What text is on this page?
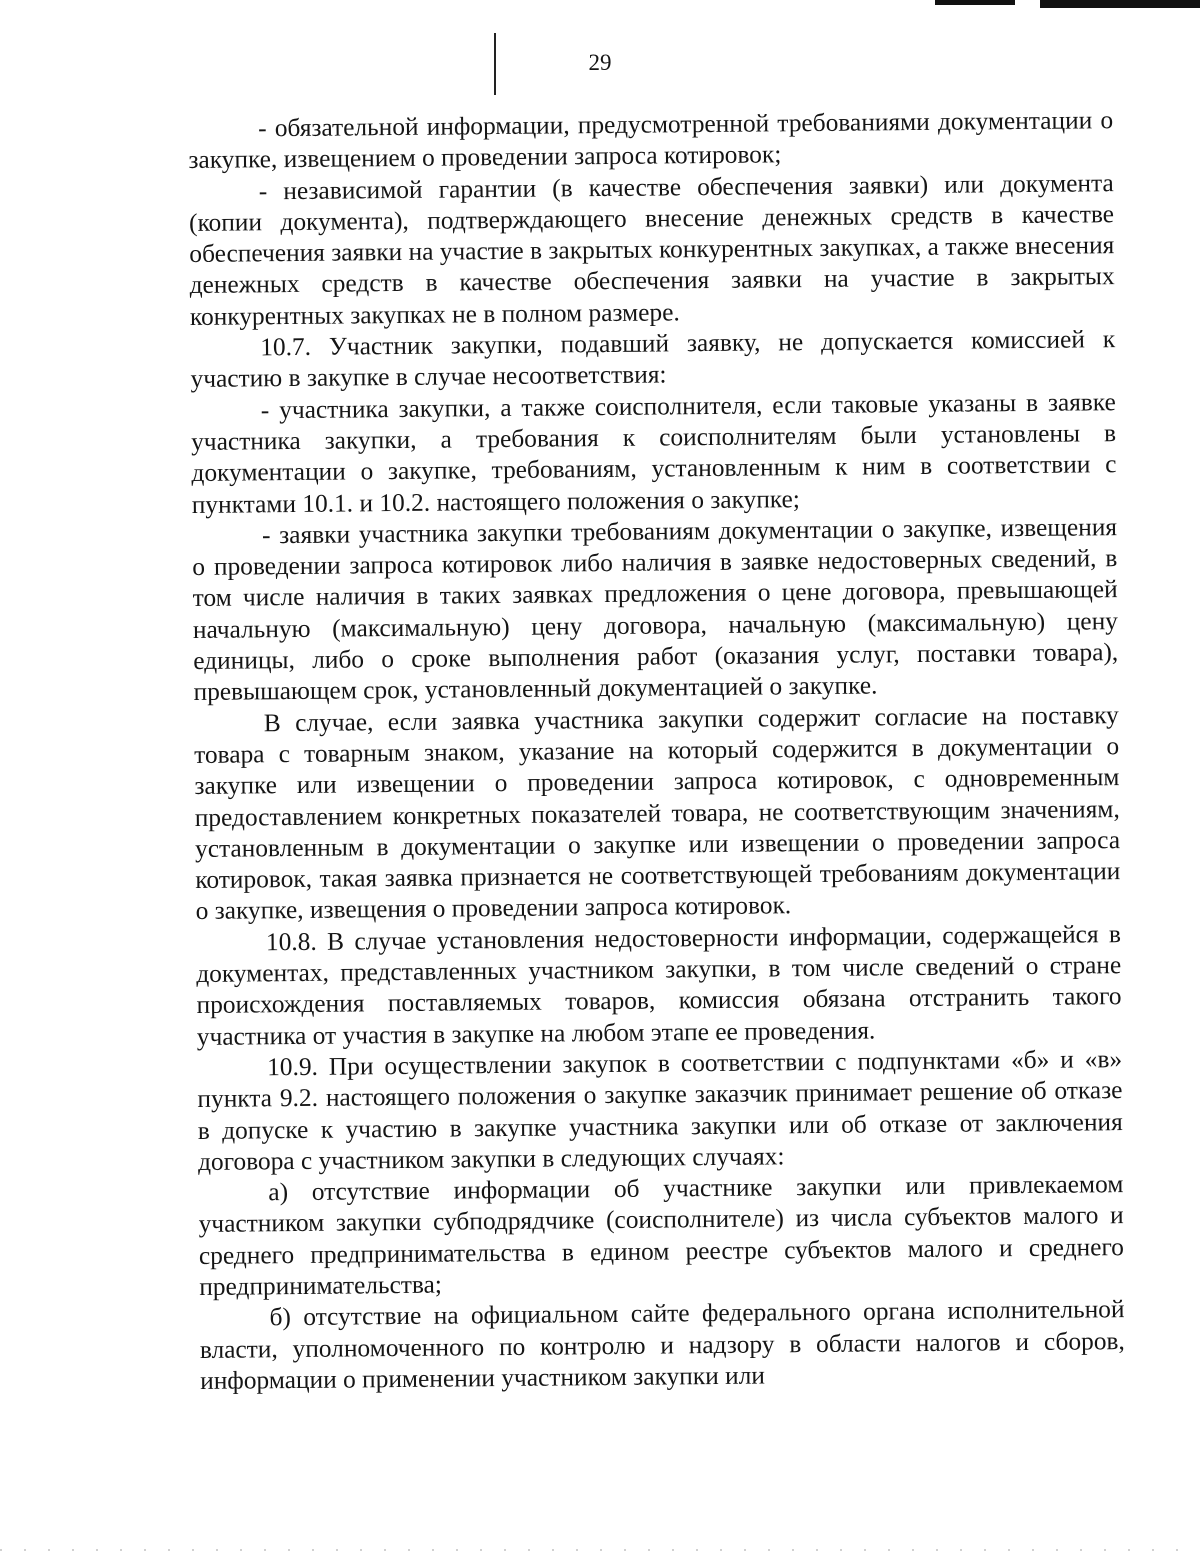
29

- обязательной информации, предусмотренной требованиями документации о закупке, извещением о проведении запроса котировок;

- независимой гарантии (в качестве обеспечения заявки) или документа (копии документа), подтверждающего внесение денежных средств в качестве обеспечения заявки на участие в закрытых конкурентных закупках, а также внесения денежных средств в качестве обеспечения заявки на участие в закрытых конкурентных закупках не в полном размере.

10.7. Участник закупки, подавший заявку, не допускается комиссией к участию в закупке в случае несоответствия:

- участника закупки, а также соисполнителя, если таковые указаны в заявке участника закупки, а требования к соисполнителям были установлены в документации о закупке, требованиям, установленным к ним в соответствии с пунктами 10.1. и 10.2. настоящего положения о закупке;

- заявки участника закупки требованиям документации о закупке, извещения о проведении запроса котировок либо наличия в заявке недостоверных сведений, в том числе наличия в таких заявках предложения о цене договора, превышающей начальную (максимальную) цену договора, начальную (максимальную) цену единицы, либо о сроке выполнения работ (оказания услуг, поставки товара), превышающем срок, установленный документацией о закупке.

В случае, если заявка участника закупки содержит согласие на поставку товара с товарным знаком, указание на который содержится в документации о закупке или извещении о проведении запроса котировок, с одновременным предоставлением конкретных показателей товара, не соответствующим значениям, установленным в документации о закупке или извещении о проведении запроса котировок, такая заявка признается не соответствующей требованиям документации о закупке, извещения о проведении запроса котировок.

10.8. В случае установления недостоверности информации, содержащейся в документах, представленных участником закупки, в том числе сведений о стране происхождения поставляемых товаров, комиссия обязана отстранить такого участника от участия в закупке на любом этапе ее проведения.

10.9. При осуществлении закупок в соответствии с подпунктами «б» и «в» пункта 9.2. настоящего положения о закупке заказчик принимает решение об отказе в допуске к участию в закупке участника закупки или об отказе от заключения договора с участником закупки в следующих случаях:

а) отсутствие информации об участнике закупки или привлекаемом участником закупки субподрядчике (соисполнителе) из числа субъектов малого и среднего предпринимательства в едином реестре субъектов малого и среднего предпринимательства;

б) отсутствие на официальном сайте федерального органа исполнительной власти, уполномоченного по контролю и надзору в области налогов и сборов, информации о применении участником закупки или
